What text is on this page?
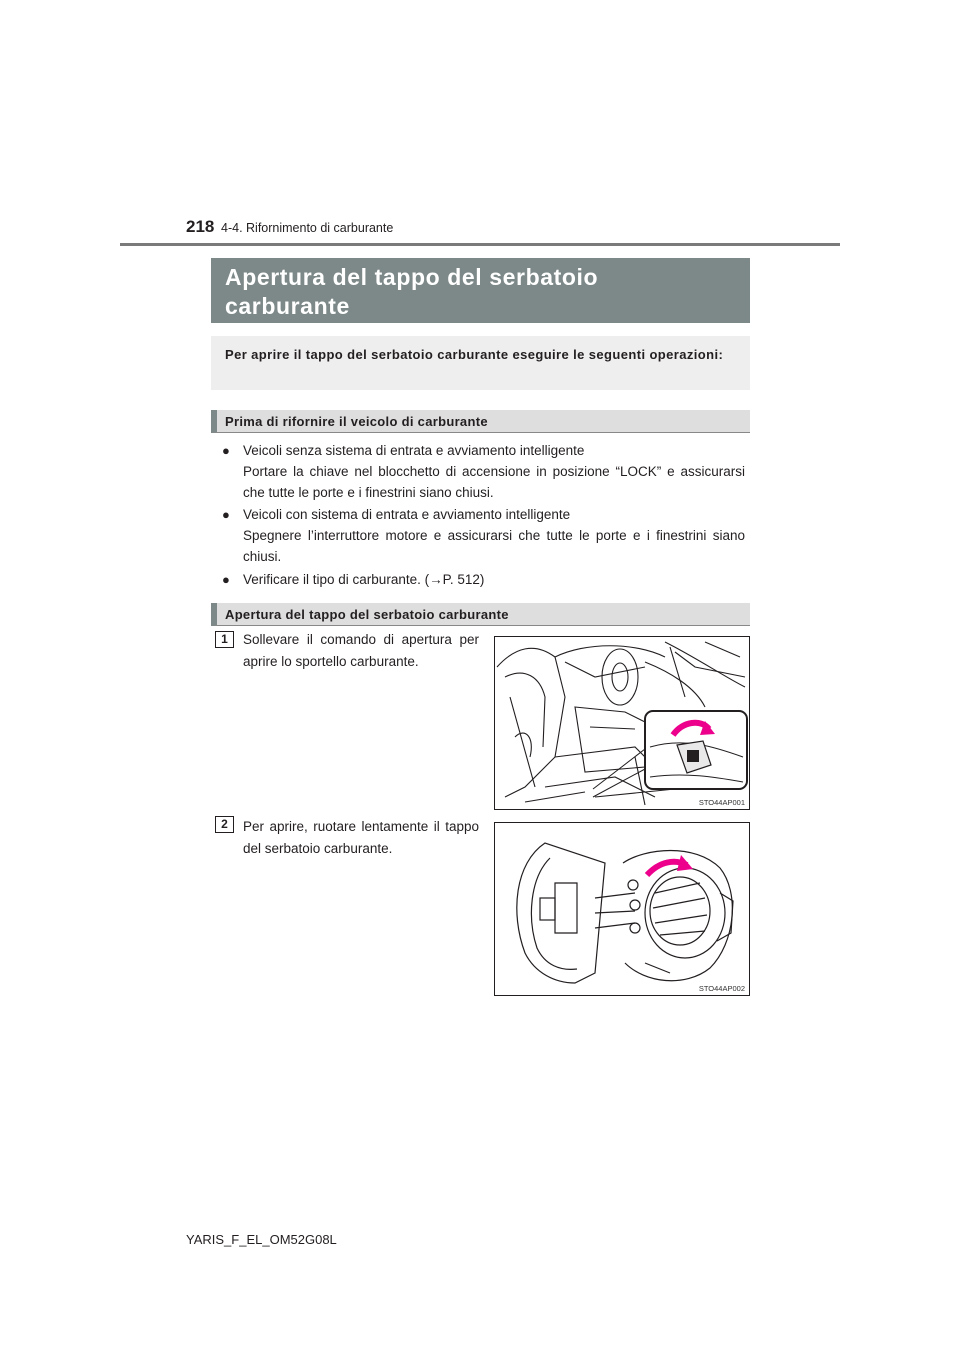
218 4-4. Rifornimento di carburante
Apertura del tappo del serbatoio
carburante
Per aprire il tappo del serbatoio carburante eseguire le seguenti operazioni:
Prima di rifornire il veicolo di carburante
● Veicoli senza sistema di entrata e avviamento intelligente
Portare la chiave nel blocchetto di accensione in posizione “LOCK” e assicurarsi che tutte le porte e i finestrini siano chiusi.
● Veicoli con sistema di entrata e avviamento intelligente
Spegnere l’interruttore motore e assicurarsi che tutte le porte e i finestrini siano chiusi.
● Verificare il tipo di carburante. (→P. 512)
Apertura del tappo del serbatoio carburante
1	Sollevare il comando di apertura per aprire lo sportello carburante.
STO44AP001
2	Per aprire, ruotare lentamente il tappo del serbatoio carburante.
STO44AP002
YARIS_F_EL_OM52G08L
